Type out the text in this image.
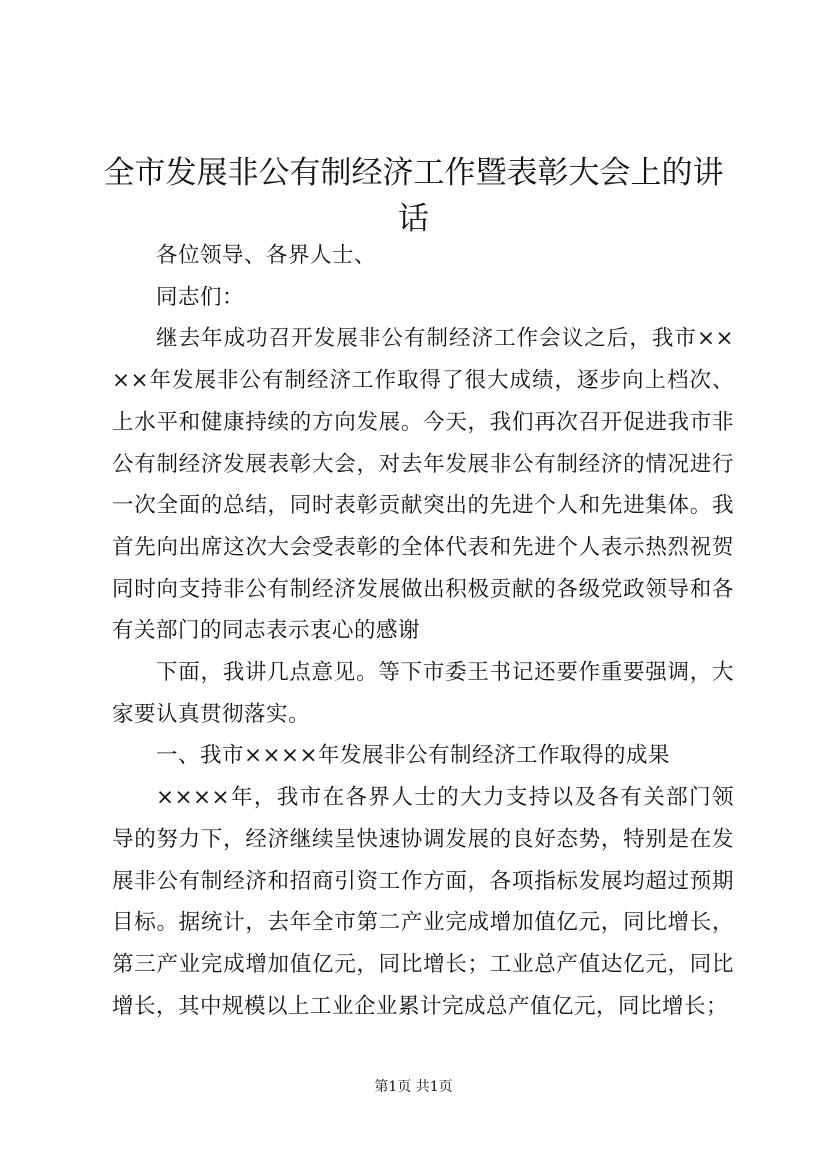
全市发展非公有制经济工作暨表彰大会上的讲话

各位领导、各界人士、

同志们：

继去年成功召开发展非公有制经济工作会议之后，我市××××年发展非公有制经济工作取得了很大成绩，逐步向上档次、上水平和健康持续的方向发展。今天，我们再次召开促进我市非公有制经济发展表彰大会，对去年发展非公有制经济的情况进行一次全面的总结，同时表彰贡献突出的先进个人和先进集体。我首先向出席这次大会受表彰的全体代表和先进个人表示热烈祝贺同时向支持非公有制经济发展做出积极贡献的各级党政领导和各有关部门的同志表示衷心的感谢

下面，我讲几点意见。等下市委王书记还要作重要强调，大家要认真贯彻落实。

一、我市××××年发展非公有制经济工作取得的成果

××××年，我市在各界人士的大力支持以及各有关部门领导的努力下，经济继续呈快速协调发展的良好态势，特别是在发展非公有制经济和招商引资工作方面，各项指标发展均超过预期目标。据统计，去年全市第二产业完成增加值亿元，同比增长，第三产业完成增加值亿元，同比增长；工业总产值达亿元，同比增长，其中规模以上工业企业累计完成总产值亿元，同比增长；

第1页 共1页
